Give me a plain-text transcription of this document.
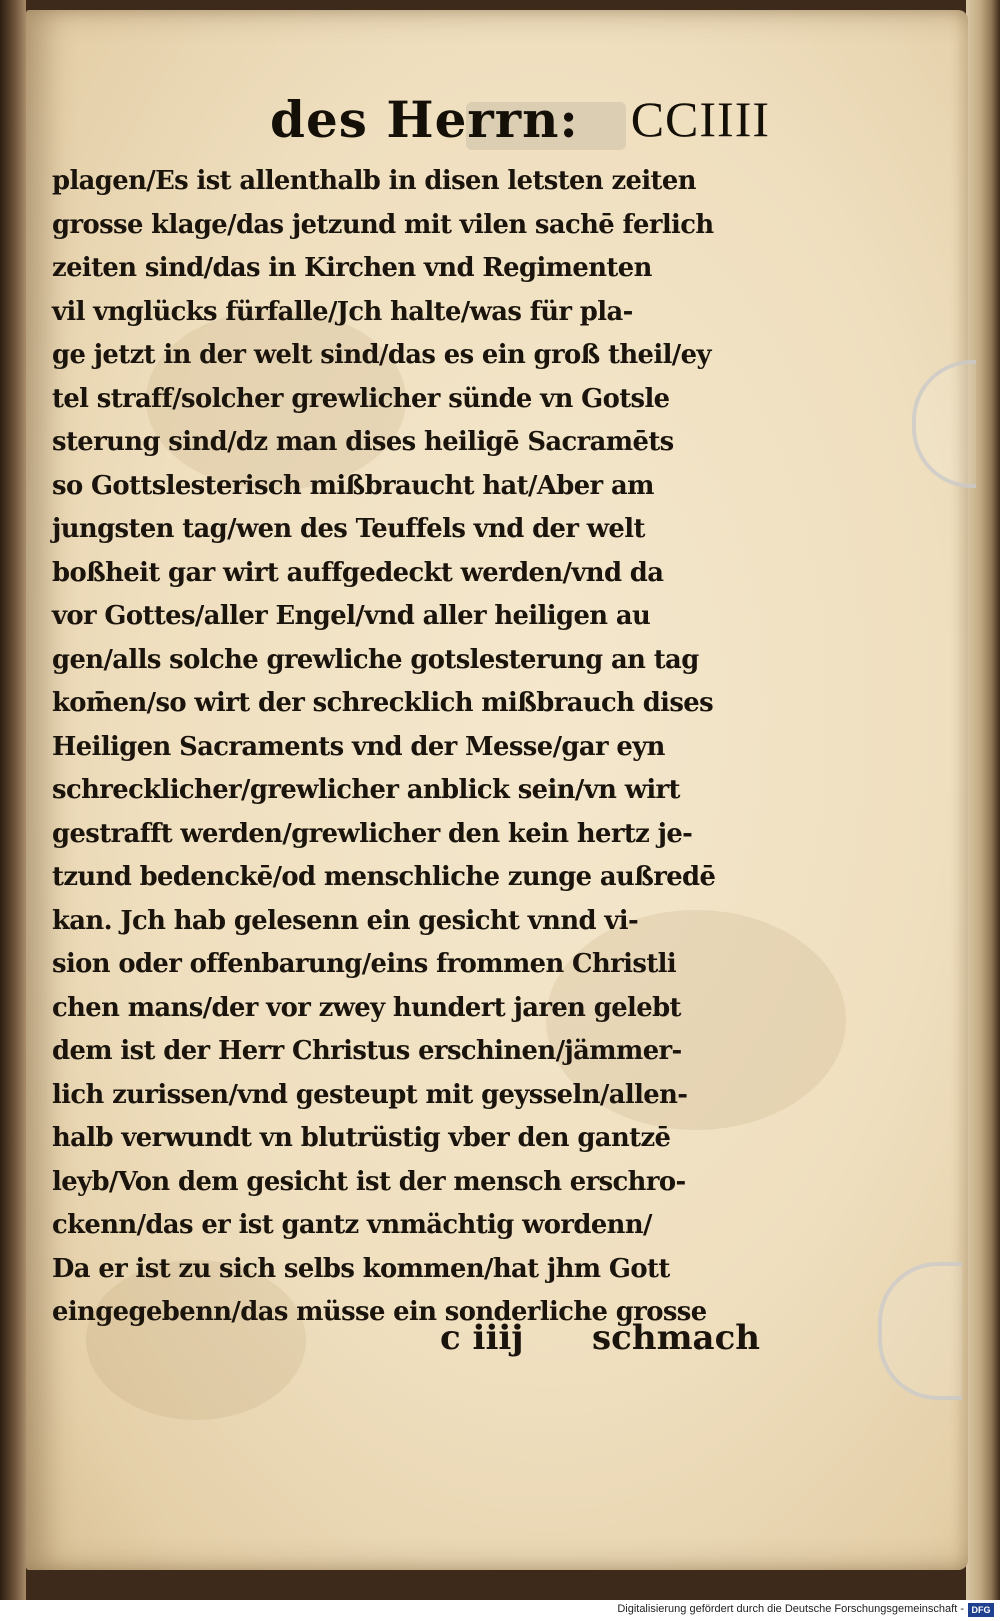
des Herrn: CCIIII
plagen/Es ist allenthalb in disen letsten zeiten
grosse klage/das jetzund mit vilen sachē ferlich
zeiten sind/das in Kirchen vnd Regimenten
vil vnglücks fürfalle/Jch halte/was für pla-
ge jetzt in der welt sind/das es ein groß theil/ey
tel straff/solcher grewlicher sünde vn Gotsle
sterung sind/dz man dises heiligē Sacramēts
so Gottslesterisch mißbraucht hat/Aber am
jungsten tag/wen des Teuffels vnd der welt
boßheit gar wirt auffgedeckt werden/vnd da
vor Gottes/aller Engel/vnd aller heiligen au
gen/alls solche grewliche gotslesterung an tag
kom̄en/so wirt der schrecklich mißbrauch dises
Heiligen Sacraments vnd der Messe/gar eyn
schrecklicher/grewlicher anblick sein/vn wirt
gestrafft werden/grewlicher den kein hertz je-
tzund bedenckē/od menschliche zunge außredē
kan. Jch hab gelesenn ein gesicht vnnd vi-
sion oder offenbarung/eins frommen Christli
chen mans/der vor zwey hundert jaren gelebt
dem ist der Herr Christus erschinen/jämmer-
lich zurissen/vnd gesteupt mit geysseln/allen-
halb verwundt vn blutrüstig vber den gantzē
leyb/Von dem gesicht ist der mensch erschro-
ckenn/das er ist gantz vnmächtig wordenn/
Da er ist zu sich selbs kommen/hat jhm Gott
eingegebenn/das müsse ein sonderliche grosse
c iiij schmach
Digitalisierung gefördert durch die Deutsche Forschungsgemeinschaft - DFG
